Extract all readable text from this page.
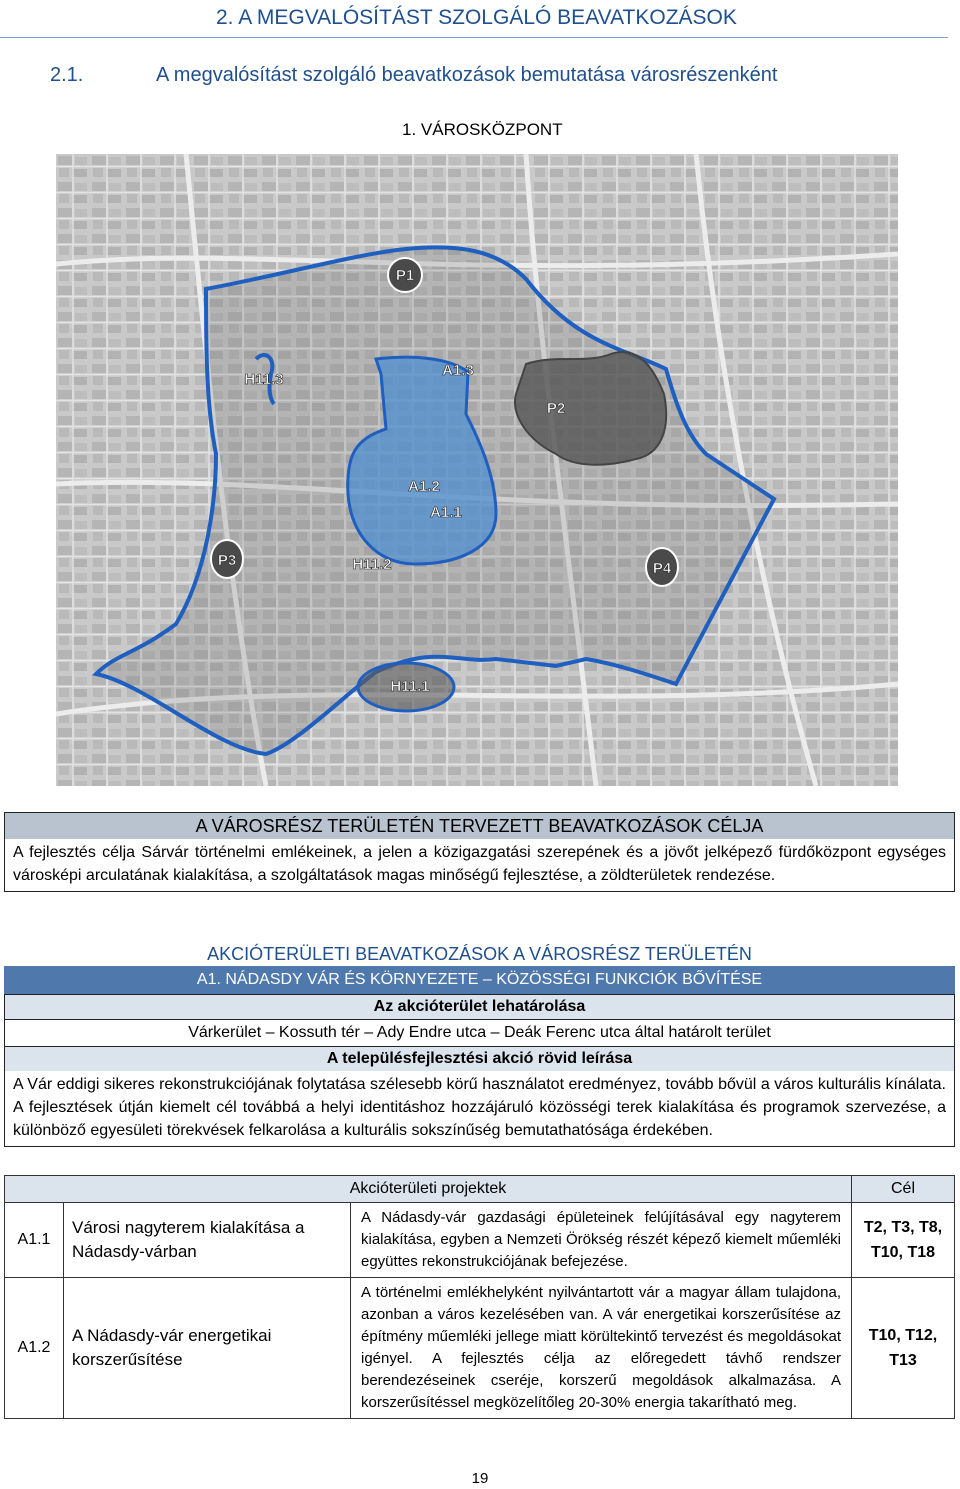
2. A MEGVALÓSÍTÁST SZOLGÁLÓ BEAVATKOZÁSOK
2.1.	A megvalósítást szolgáló beavatkozások bemutatása városrészenként
1. VÁROSKÖZPONT
P1
H11.3
A1.3
P2
A1.2
A1.1
P3	H11.2	P4
H11.1
A VÁROSRÉSZ TERÜLETÉN TERVEZETT BEAVATKOZÁSOK CÉLJA
A fejlesztés célja Sárvár történelmi emlékeinek, a jelen a közigazgatási szerepének és a jövőt jelképező fürdőközpont egységes városképi arculatának kialakítása, a szolgáltatások magas minőségű fejlesztése, a zöldterületek rendezése.
AKCIÓTERÜLETI BEAVATKOZÁSOK A VÁROSRÉSZ TERÜLETÉN
A1. NÁDASDY VÁR ÉS KÖRNYEZETE – KÖZÖSSÉGI FUNKCIÓK BŐVÍTÉSE
Az akcióterület lehatárolása
Várkerület – Kossuth tér – Ady Endre utca – Deák Ferenc utca által határolt terület
A településfejlesztési akció rövid leírása
A Vár eddigi sikeres rekonstrukciójának folytatása szélesebb körű használatot eredményez, tovább bővül a város kulturális kínálata. A fejlesztések útján kiemelt cél továbbá a helyi identitáshoz hozzájáruló közösségi terek kialakítása és programok szervezése, a különböző egyesületi törekvések felkarolása a kulturális sokszínűség bemutathatósága érdekében.
Akcióterületi projektek			Cél
A1.1	Városi nagyterem kialakítása a Nádasdy-várban	A Nádasdy-vár gazdasági épületeinek felújításával egy nagyterem kialakítása, egyben a Nemzeti Örökség részét képező kiemelt műemléki együttes rekonstrukciójának befejezése.	T2, T3, T8, T10, T18
A1.2	A Nádasdy-vár energetikai korszerűsítése	A történelmi emlékhelyként nyilvántartott vár a magyar állam tulajdona, azonban a város kezelésében van. A vár energetikai korszerűsítése az építmény műemléki jellege miatt körültekintő tervezést és megoldásokat igényel. A fejlesztés célja az előregedett távhő rendszer berendezéseinek cseréje, korszerű megoldások alkalmazása. A korszerűsítéssel megközelítőleg 20-30% energia takarítható meg.	T10, T12, T13
19
